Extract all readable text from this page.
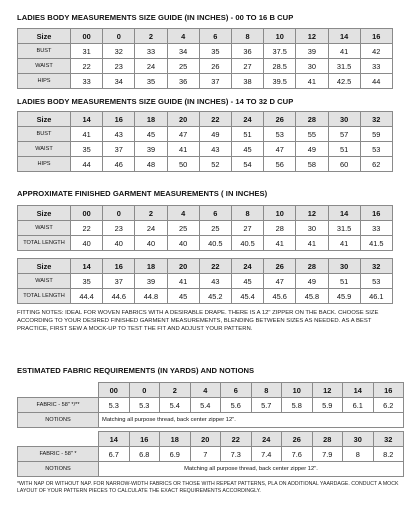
LADIES BODY MEASUREMENTS SIZE GUIDE (IN INCHES) - 00 TO 16 B CUP
Size	00	0	2	4	6	8	10	12	14	16
BUST	31	32	33	34	35	36	37.5	39	41	42
WAIST	22	23	24	25	26	27	28.5	30	31.5	33
HIPS	33	34	35	36	37	38	39.5	41	42.5	44
LADIES BODY MEASUREMENTS SIZE GUIDE (IN INCHES) - 14 TO 32 D CUP
Size	14	16	18	20	22	24	26	28	30	32
BUST	41	43	45	47	49	51	53	55	57	59
WAIST	35	37	39	41	43	45	47	49	51	53
HIPS	44	46	48	50	52	54	56	58	60	62
APPROXIMATE FINISHED GARMENT MEASUREMENTS ( IN INCHES)
Size	00	0	2	4	6	8	10	12	14	16
WAIST	22	23	24	25	25	27	28	30	31.5	33
TOTAL LENGTH	40	40	40	40	40.5	40.5	41	41	41	41.5
Size	14	16	18	20	22	24	26	28	30	32
WAIST	35	37	39	41	43	45	47	49	51	53
TOTAL LENGTH	44.4	44.6	44.8	45	45.2	45.4	45.6	45.8	45.9	46.1
FITTING NOTES: IDEAL FOR WOVEN FABRICS WITH A DESIRABLE DRAPE. THERE IS A 12" ZIPPER ON THE BACK. CHOOSE SIZE ACCORDING TO YOUR DESIRED FINISHED GARMENT MEASUREMENTS, BLENDING BETWEEN SIZES AS NEEDED. AS A BEST PRACTICE, FIRST SEW A MOCK-UP TO TEST THE FIT AND ADJUST YOUR PATTERN.
ESTIMATED FABRIC REQUIREMENTS (IN YARDS) AND NOTIONS
	00	0	2	4	6	8	10	12	14	16
FABRIC - 58" */**	5.3	5.3	5.4	5.4	5.6	5.7	5.8	5.9	6.1	6.2
NOTIONS	Matching all purpose thread, back center zipper 12".									
	14	16	18	20	22	24	26	28	30	32
FABRIC - 58" *	6.7	6.8	6.9	7	7.3	7.4	7.6	7.9	8	8.2
NOTIONS	Matching all purpose thread, back center zipper 12".									
*WITH NAP OR WITHOUT NAP. FOR NARROW-WIDTH FABRICS OR THOSE WITH REPEAT PATTERNS, PLA ON ADDITIONAL YAARDAGE. CONDUCT A MOCK LAYOUT OF YOUR PATTERN PIECES TO CALCULATE THE EXACT REQUIREMENTS ACCORDINGLY.
